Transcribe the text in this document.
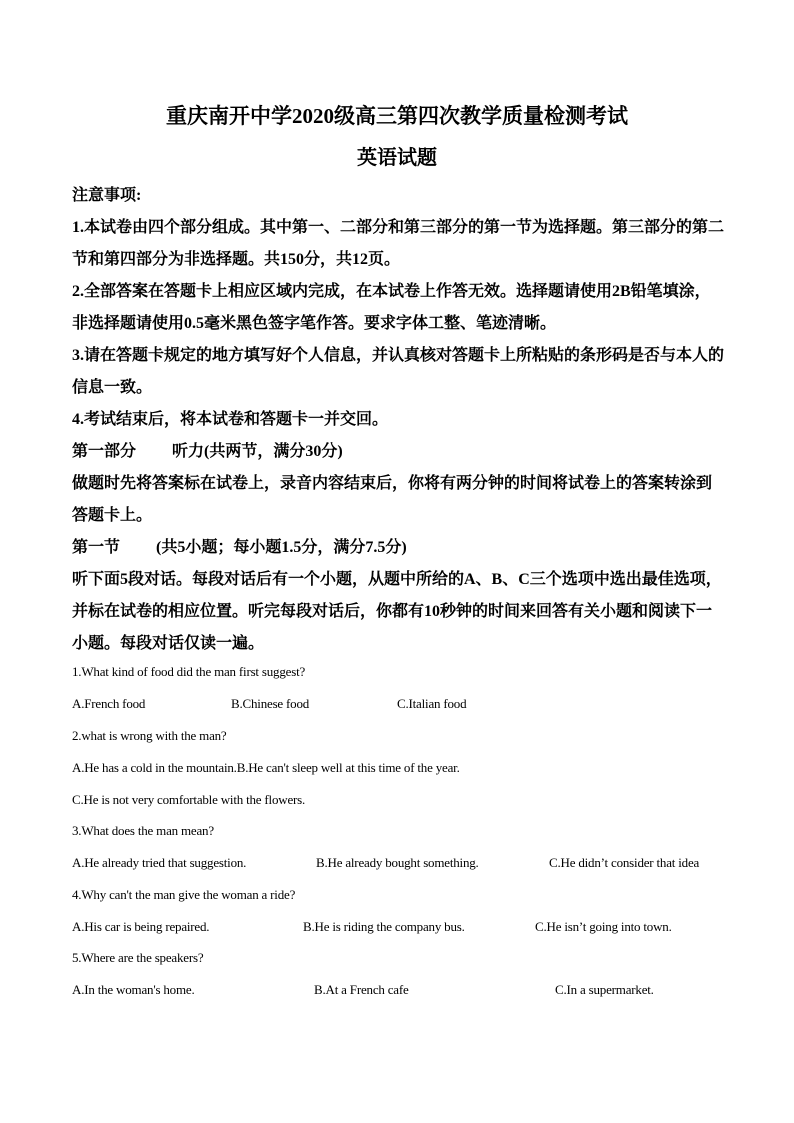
重庆南开中学2020级高三第四次教学质量检测考试
英语试题
注意事项:
1.本试卷由四个部分组成。其中第一、二部分和第三部分的第一节为选择题。第三部分的第二
节和第四部分为非选择题。共150分，共12页。
2.全部答案在答题卡上相应区域内完成，在本试卷上作答无效。选择题请使用2B铅笔填涂，
非选择题请使用0.5毫米黑色签字笔作答。要求字体工整、笔迹清晰。
3.请在答题卡规定的地方填写好个人信息，并认真核对答题卡上所粘贴的条形码是否与本人的
信息一致。
4.考试结束后，将本试卷和答题卡一并交回。
第一部分 听力(共两节，满分30分)
做题时先将答案标在试卷上，录音内容结束后，你将有两分钟的时间将试卷上的答案转涂到
答题卡上。
第一节 (共5小题；每小题1.5分，满分7.5分)
听下面5段对话。每段对话后有一个小题，从题中所给的A、B、C三个选项中选出最佳选项，
并标在试卷的相应位置。听完每段对话后，你都有10秒钟的时间来回答有关小题和阅读下一
小题。每段对话仅读一遍。
1.What kind of food did the man first suggest?
A.French food	B.Chinese food	C.Italian food
2.what is wrong with the man?
A.He has a cold in the mountain.B.He can't sleep well at this time of the year.
C.He is not very comfortable with the flowers.
3.What does the man mean?
A.He already tried that suggestion.	B.He already bought something.	C.He didn’t consider that idea
4.Why can't the man give the woman a ride?
A.His car is being repaired.	B.He is riding the company bus.	C.He isn’t going into town.
5.Where are the speakers?
A.In the woman's home.	B.At a French cafe	C.In a supermarket.
